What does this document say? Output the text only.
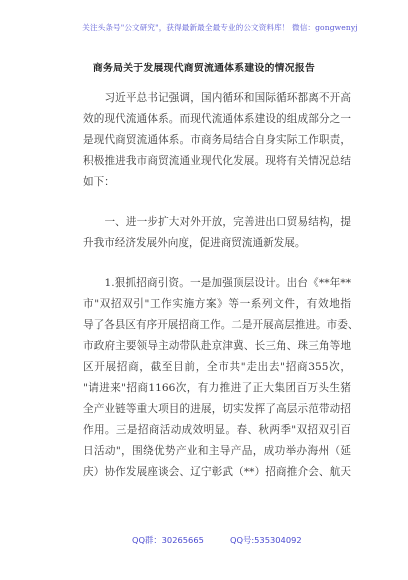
关注头条号"公文研究"，获得最新最全最专业的公文资料库！ 微信：gongwenyj
商务局关于发展现代商贸流通体系建设的情况报告
　　习近平总书记强调，国内循环和国际循环都离不开高
效的现代流通体系。而现代流通体系建设的组成部分之一
是现代商贸流通体系。市商务局结合自身实际工作职责，
积极推进我市商贸流通业现代化发展。现将有关情况总结
如下：
　　一、进一步扩大对外开放，完善进出口贸易结构，提
升我市经济发展外向度，促进商贸流通新发展。
　　1.狠抓招商引资。一是加强顶层设计。出台《**年**
市"双招双引"工作实施方案》等一系列文件，有效地指
导了各县区有序开展招商工作。二是开展高层推进。市委、
市政府主要领导主动带队赴京津冀、长三角、珠三角等地
区开展招商，截至目前，全市共"走出去"招商355次，
"请进来"招商1166次，有力推进了正大集团百万头生猪
全产业链等重大项目的进展，切实发挥了高层示范带动招
作用。三是招商活动成效明显。春、秋两季"双招双引百
日活动"，围绕优势产业和主导产品，成功举办海州（延
庆）协作发展座谈会、辽宁彰武（**）招商推介会、航天
QQ群：30265665	QQ号:535304092
